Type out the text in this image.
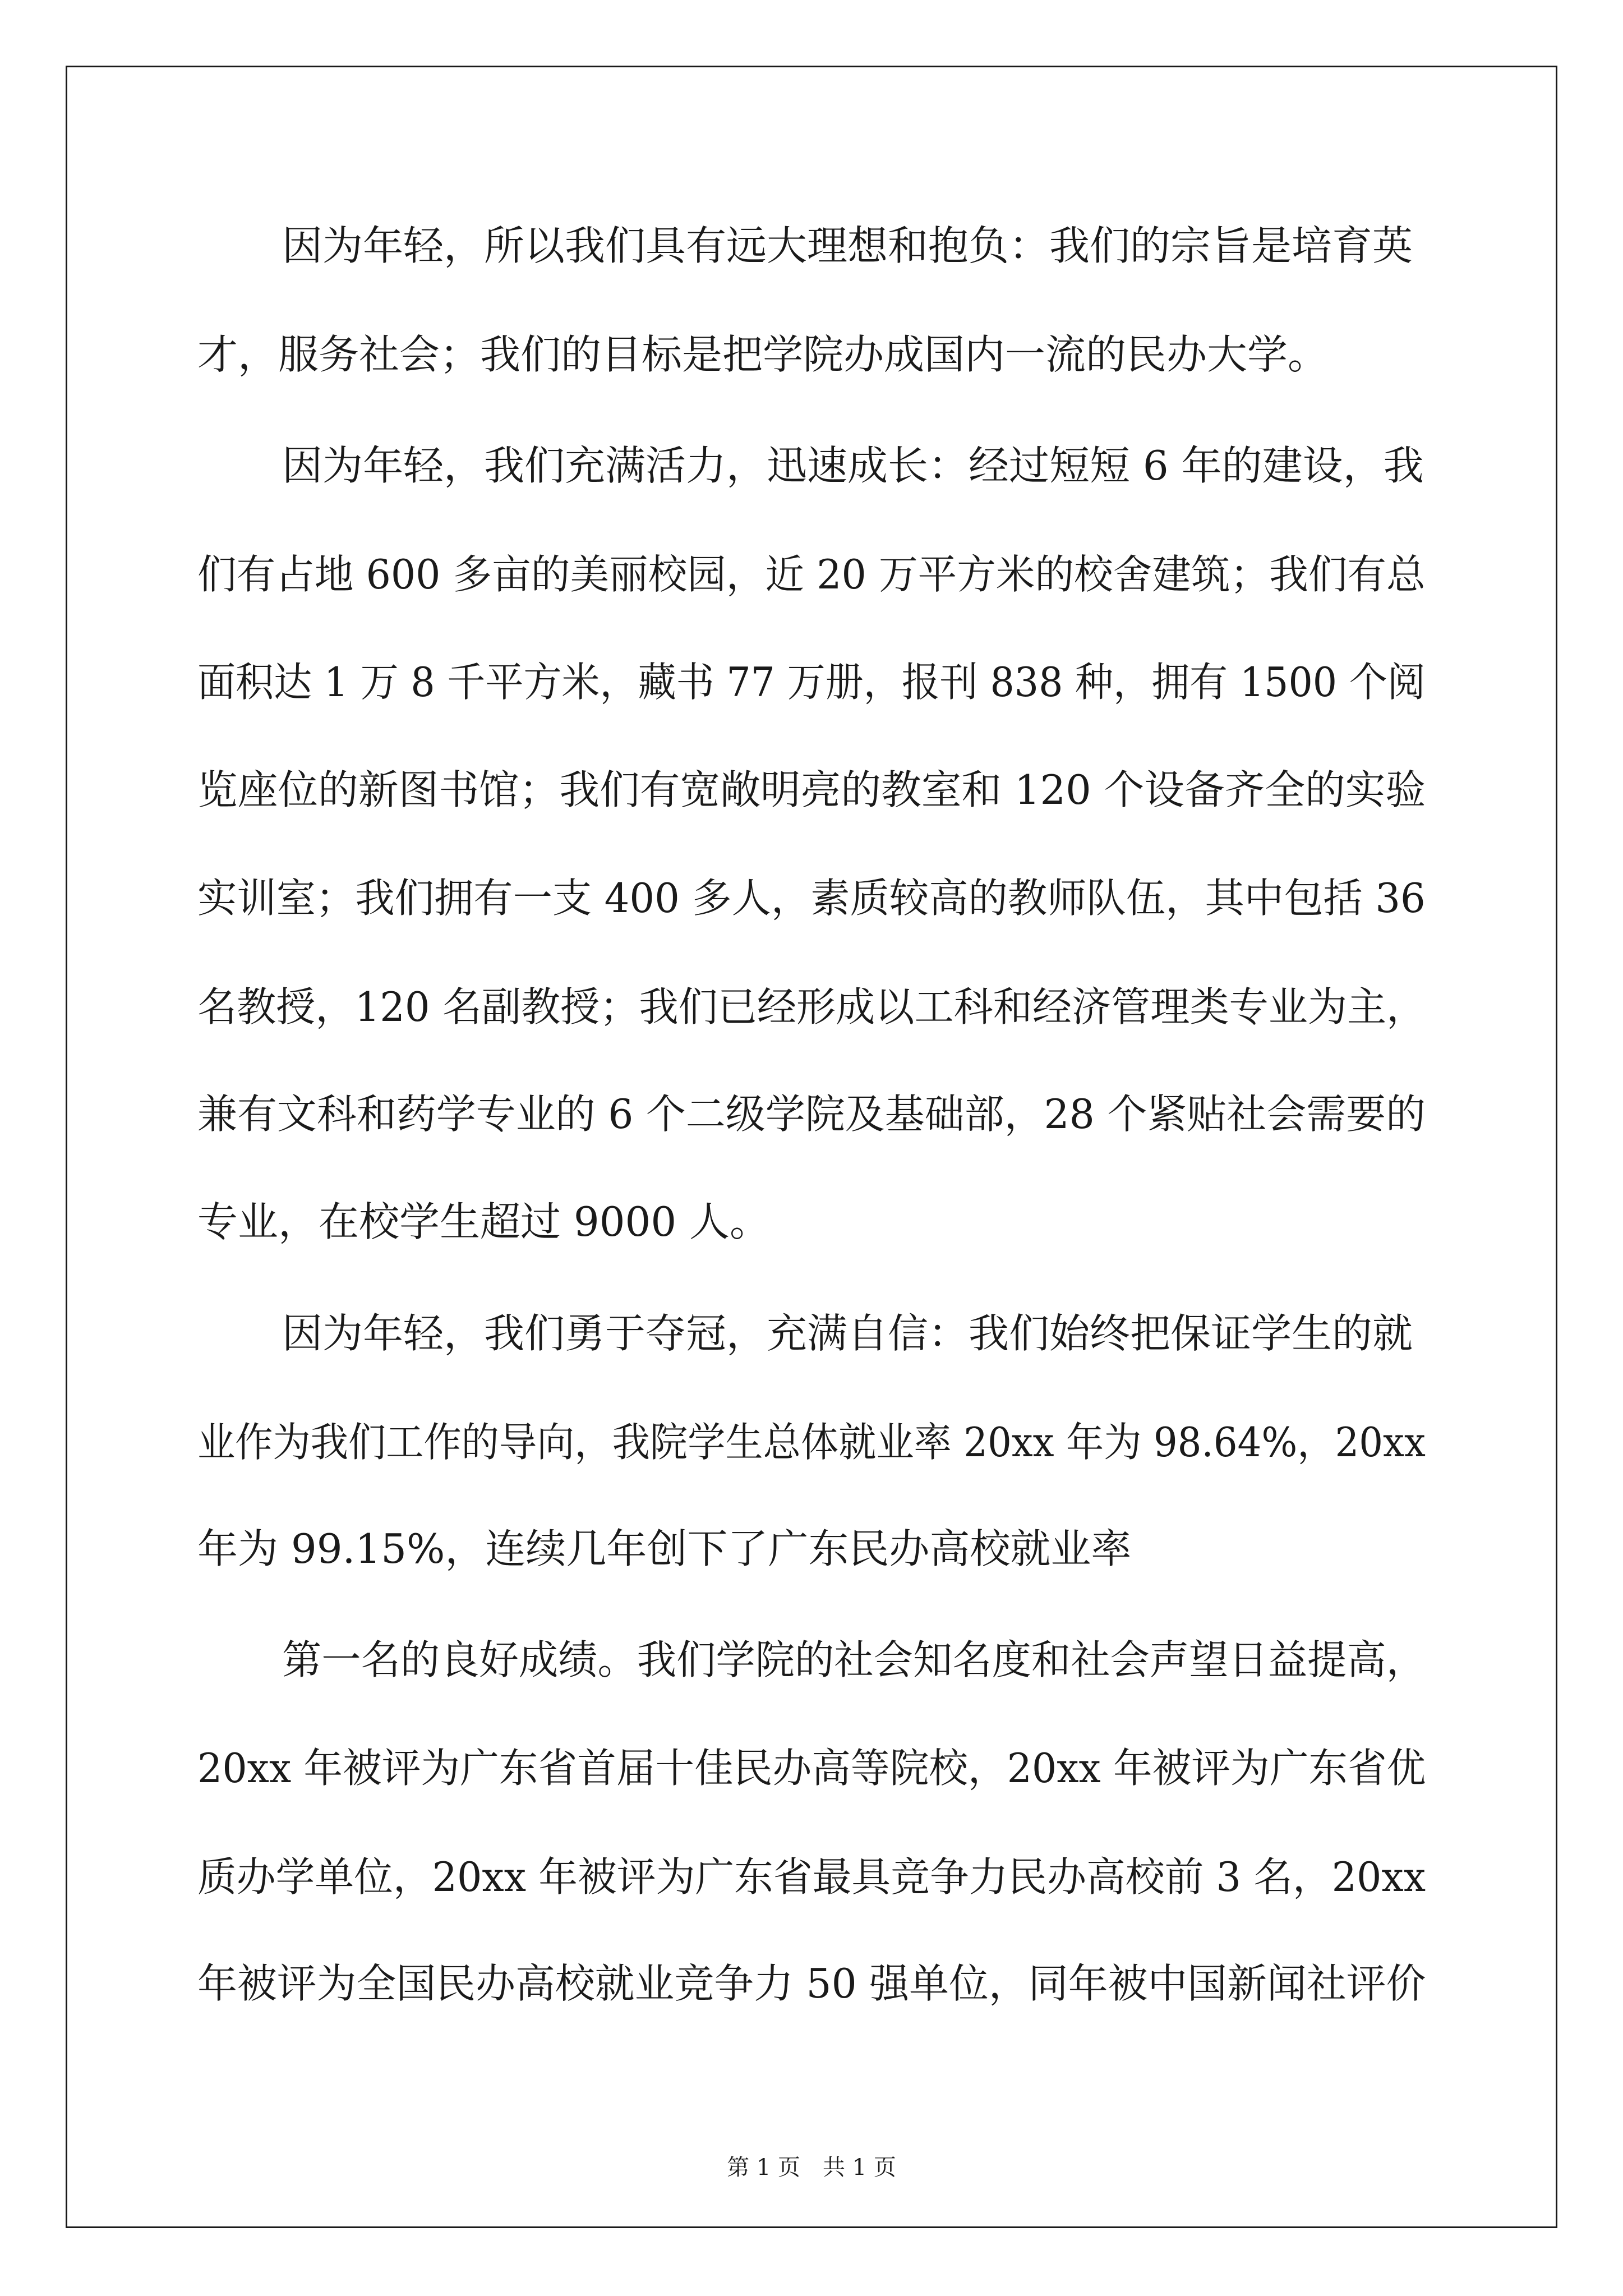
因为年轻，所以我们具有远大理想和抱负：我们的宗旨是培育英

才，服务社会；我们的目标是把学院办成国内一流的民办大学。

因为年轻，我们充满活力，迅速成长：经过短短 6 年的建设，我

们有占地 600 多亩的美丽校园，近 20 万平方米的校舍建筑；我们有总

面积达 1 万 8 千平方米，藏书 77 万册，报刊 838 种，拥有 1500 个阅

览座位的新图书馆；我们有宽敞明亮的教室和 120 个设备齐全的实验

实训室；我们拥有一支 400 多人，素质较高的教师队伍，其中包括 36

名教授，120 名副教授；我们已经形成以工科和经济管理类专业为主，

兼有文科和药学专业的 6 个二级学院及基础部，28 个紧贴社会需要的

专业，在校学生超过 9000 人。

因为年轻，我们勇于夺冠，充满自信：我们始终把保证学生的就

业作为我们工作的导向，我院学生总体就业率 20xx 年为 98.64%，20xx

年为 99.15%，连续几年创下了广东民办高校就业率

第一名的良好成绩。我们学院的社会知名度和社会声望日益提高，

20xx 年被评为广东省首届十佳民办高等院校，20xx 年被评为广东省优

质办学单位，20xx 年被评为广东省最具竞争力民办高校前 3 名，20xx

年被评为全国民办高校就业竞争力 50 强单位，同年被中国新闻社评价

第 1 页　共 1 页
